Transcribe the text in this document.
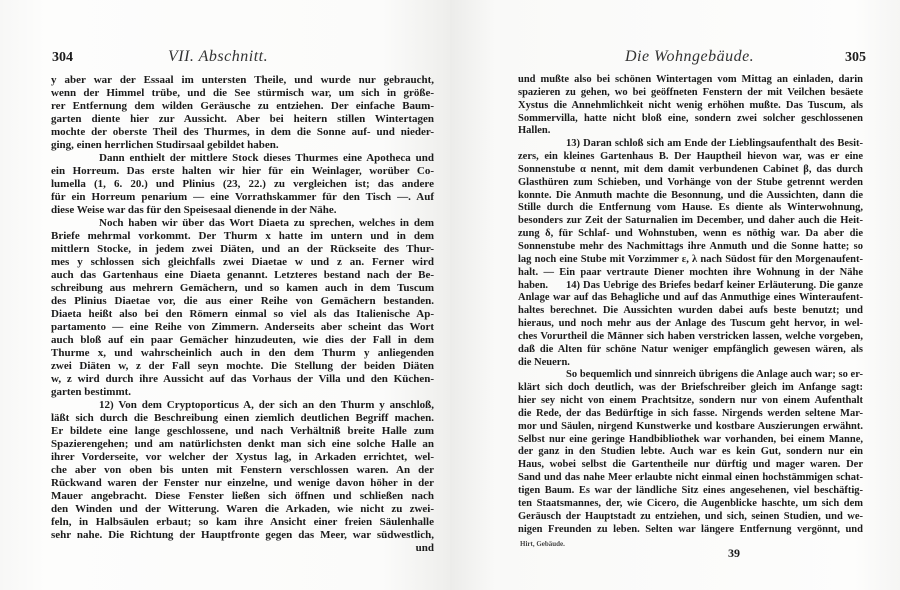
304	VII. Abschnitt.
y aber war der Essaal im untersten Theile, und wurde nur gebraucht,
wenn der Himmel trübe, und die See stürmisch war, um sich in größe-
rer Entfernung dem wilden Geräusche zu entziehen. Der einfache Baum-
garten diente hier zur Aussicht. Aber bei heitern stillen Wintertagen
mochte der oberste Theil des Thurmes, in dem die Sonne auf- und nieder-
ging, einen herrlichen Studirsaal gebildet haben.
Dann enthielt der mittlere Stock dieses Thurmes eine Apotheca und
ein Horreum. Das erste halten wir hier für ein Weinlager, worüber Co-
lumella (1, 6. 20.) und Plinius (23, 22.) zu vergleichen ist; das andere
für ein Horreum penarium — eine Vorrathskammer für den Tisch —. Auf
diese Weise war das für den Speisesaal dienende in der Nähe.
Noch haben wir über das Wort Diaeta zu sprechen, welches in dem
Briefe mehrmal vorkommt. Der Thurm x hatte im untern und in dem
mittlern Stocke, in jedem zwei Diäten, und an der Rückseite des Thur-
mes y schlossen sich gleichfalls zwei Diaetae w und z an. Ferner wird
auch das Gartenhaus eine Diaeta genannt. Letzteres bestand nach der Be-
schreibung aus mehrern Gemächern, und so kamen auch in dem Tuscum
des Plinius Diaetae vor, die aus einer Reihe von Gemächern bestanden.
Diaeta heißt also bei den Römern einmal so viel als das Italienische Ap-
partamento — eine Reihe von Zimmern. Anderseits aber scheint das Wort
auch bloß auf ein paar Gemächer hinzudeuten, wie dies der Fall in dem
Thurme x, und wahrscheinlich auch in den dem Thurm y anliegenden
zwei Diäten w, z der Fall seyn mochte. Die Stellung der beiden Diäten
w, z wird durch ihre Aussicht auf das Vorhaus der Villa und den Küchen-
garten bestimmt.
12) Von dem Cryptoporticus A, der sich an den Thurm y anschloß,
läßt sich durch die Beschreibung einen ziemlich deutlichen Begriff machen.
Er bildete eine lange geschlossene, und nach Verhältniß breite Halle zum
Spazierengehen; und am natürlichsten denkt man sich eine solche Halle an
ihrer Vorderseite, vor welcher der Xystus lag, in Arkaden errichtet, wel-
che aber von oben bis unten mit Fenstern verschlossen waren. An der
Rückwand waren der Fenster nur einzelne, und wenige davon höher in der
Mauer angebracht. Diese Fenster ließen sich öffnen und schließen nach
den Winden und der Witterung. Waren die Arkaden, wie nicht zu zwei-
feln, in Halbsäulen erbaut; so kam ihre Ansicht einer freien Säulenhalle
sehr nahe. Die Richtung der Hauptfronte gegen das Meer, war südwestlich,
und
Die Wohngebäude.	305
und mußte also bei schönen Wintertagen vom Mittag an einladen, darin
spazieren zu gehen, wo bei geöffneten Fenstern der mit Veilchen besäete
Xystus die Annehmlichkeit nicht wenig erhöhen mußte. Das Tuscum, als
Sommervilla, hatte nicht bloß eine, sondern zwei solcher geschlossenen
Hallen.
13) Daran schloß sich am Ende der Lieblingsaufenthalt des Besit-
zers, ein kleines Gartenhaus B. Der Hauptheil hievon war, was er eine
Sonnenstube α nennt, mit dem damit verbundenen Cabinet β, das durch
Glasthüren zum Schieben, und Vorhänge von der Stube getrennt werden
konnte. Die Anmuth machte die Besonnung, und die Aussichten, dann die
Stille durch die Entfernung vom Hause. Es diente als Winterwohnung,
besonders zur Zeit der Saturnalien im December, und daher auch die Heit-
zung δ, für Schlaf- und Wohnstuben, wenn es nöthig war. Da aber die
Sonnenstube mehr des Nachmittags ihre Anmuth und die Sonne hatte; so
lag noch eine Stube mit Vorzimmer ε, λ nach Südost für den Morgenaufent-
halt. — Ein paar vertraute Diener mochten ihre Wohnung in der Nähe haben.	14) Das Uebrige des Briefes bedarf keiner Erläuterung. Die ganze
Anlage war auf das Behagliche und auf das Anmuthige eines Winteraufent-
haltes berechnet. Die Aussichten wurden dabei aufs beste benutzt; und
hieraus, und noch mehr aus der Anlage des Tuscum geht hervor, in wel-
ches Vorurtheil die Männer sich haben verstricken lassen, welche vorgeben,
daß die Alten für schöne Natur weniger empfänglich gewesen wären, als
die Neuern.
So bequemlich und sinnreich übrigens die Anlage auch war; so er-
klärt sich doch deutlich, was der Briefschreiber gleich im Anfange sagt:
hier sey nicht von einem Prachtsitze, sondern nur von einem Aufenthalt
die Rede, der das Bedürftige in sich fasse. Nirgends werden seltene Mar-
mor und Säulen, nirgend Kunstwerke und kostbare Auszierungen erwähnt.
Selbst nur eine geringe Handbibliothek war vorhanden, bei einem Manne,
der ganz in den Studien lebte. Auch war es kein Gut, sondern nur ein
Haus, wobei selbst die Gartentheile nur dürftig und mager waren. Der
Sand und das nahe Meer erlaubte nicht einmal einen hochstämmigen schat-
tigen Baum. Es war der ländliche Sitz eines angesehenen, viel beschäftig-
ten Staatsmannes, der, wie Cicero, die Augenblicke haschte, um sich dem
Geräusch der Hauptstadt zu entziehen, und sich, seinen Studien, und we-
nigen Freunden zu leben. Selten war längere Entfernung vergönnt, und
Hirt, Gebäude.
39
